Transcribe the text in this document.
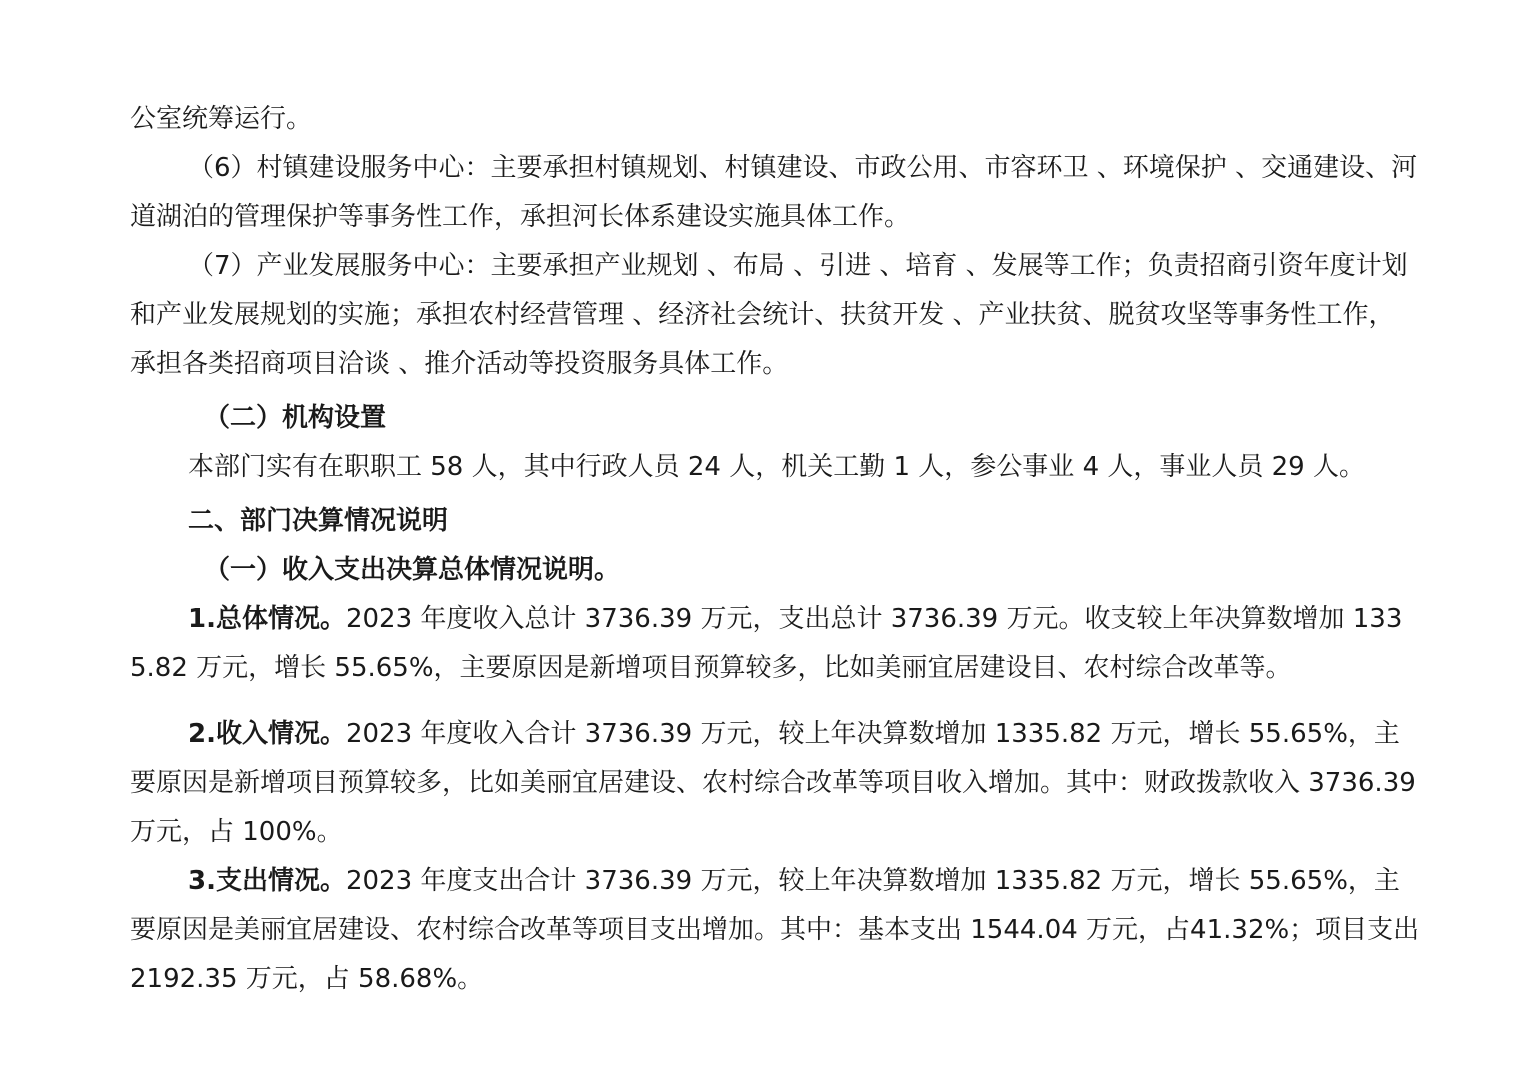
公室统筹运行。

（6）村镇建设服务中心：主要承担村镇规划、村镇建设、市政公用、市容环卫 、环境保护 、交通建设、河道湖泊的管理保护等事务性工作，承担河长体系建设实施具体工作。

（7）产业发展服务中心：主要承担产业规划 、布局 、引进 、培育 、发展等工作；负责招商引资年度计划和产业发展规划的实施；承担农村经营管理 、经济社会统计、扶贫开发 、产业扶贫、脱贫攻坚等事务性工作，承担各类招商项目洽谈 、推介活动等投资服务具体工作。

（二）机构设置

本部门实有在职职工 58 人，其中行政人员 24 人，机关工勤 1 人，参公事业 4 人，事业人员 29 人。

二、部门决算情况说明

（一）收入支出决算总体情况说明。

1.总体情况。2023 年度收入总计 3736.39 万元，支出总计 3736.39 万元。收支较上年决算数增加 1335.82 万元，增长 55.65%，主要原因是新增项目预算较多，比如美丽宜居建设目、农村综合改革等。

2.收入情况。2023 年度收入合计 3736.39 万元，较上年决算数增加 1335.82 万元，增长 55.65%，主要原因是新增项目预算较多，比如美丽宜居建设、农村综合改革等项目收入增加。其中：财政拨款收入 3736.39 万元，占 100%。

3.支出情况。2023 年度支出合计 3736.39 万元，较上年决算数增加 1335.82 万元，增长 55.65%，主要原因是美丽宜居建设、农村综合改革等项目支出增加。其中：基本支出 1544.04 万元，占41.32%；项目支出 2192.35 万元，占 58.68%。
